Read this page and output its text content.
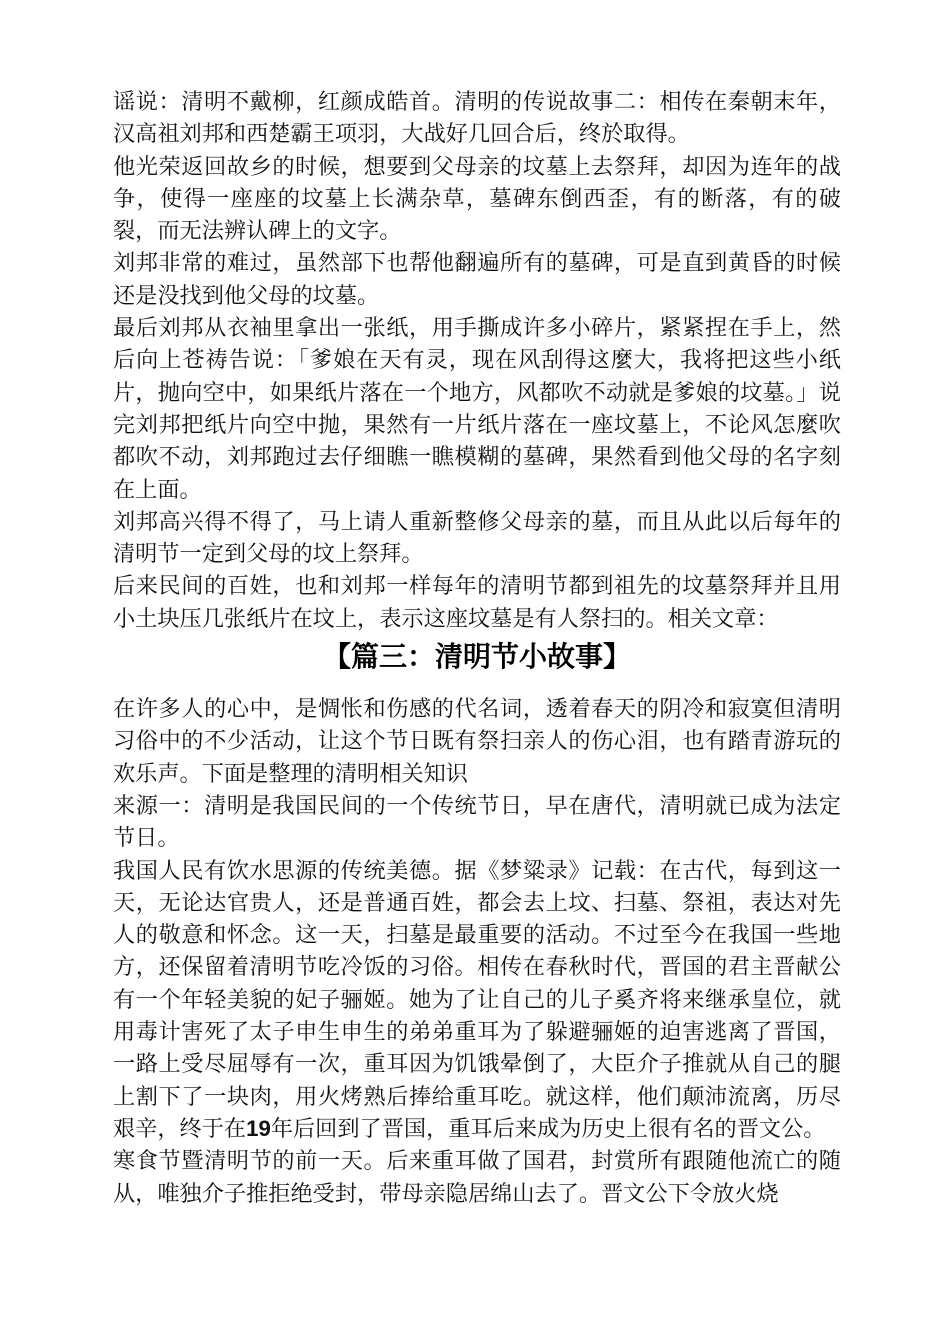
谣说：清明不戴柳，红颜成皓首。清明的传说故事二：相传在秦朝末年，汉高祖刘邦和西楚霸王项羽，大战好几回合后，终於取得。

他光荣返回故乡的时候，想要到父母亲的坟墓上去祭拜，却因为连年的战争，使得一座座的坟墓上长满杂草，墓碑东倒西歪，有的断落，有的破裂，而无法辨认碑上的文字。

刘邦非常的难过，虽然部下也帮他翻遍所有的墓碑，可是直到黄昏的时候还是没找到他父母的坟墓。

最后刘邦从衣袖里拿出一张纸，用手撕成许多小碎片，紧紧捏在手上，然后向上苍祷告说：「爹娘在天有灵，现在风刮得这麼大，我将把这些小纸片，抛向空中，如果纸片落在一个地方，风都吹不动就是爹娘的坟墓。」说完刘邦把纸片向空中抛，果然有一片纸片落在一座坟墓上，不论风怎麼吹都吹不动，刘邦跑过去仔细瞧一瞧模糊的墓碑，果然看到他父母的名字刻在上面。

刘邦高兴得不得了，马上请人重新整修父母亲的墓，而且从此以后每年的清明节一定到父母的坟上祭拜。

后来民间的百姓，也和刘邦一样每年的清明节都到祖先的坟墓祭拜并且用小土块压几张纸片在坟上，表示这座坟墓是有人祭扫的。相关文章：

【篇三：清明节小故事】

在许多人的心中，是惆怅和伤感的代名词，透着春天的阴冷和寂寞但清明习俗中的不少活动，让这个节日既有祭扫亲人的伤心泪，也有踏青游玩的欢乐声。下面是整理的清明相关知识

来源一：清明是我国民间的一个传统节日，早在唐代，清明就已成为法定节日。

我国人民有饮水思源的传统美德。据《梦粱录》记载：在古代，每到这一天，无论达官贵人，还是普通百姓，都会去上坟、扫墓、祭祖，表达对先人的敬意和怀念。这一天，扫墓是最重要的活动。不过至今在我国一些地方，还保留着清明节吃冷饭的习俗。相传在春秋时代，晋国的君主晋献公有一个年轻美貌的妃子骊姬。她为了让自己的儿子奚齐将来继承皇位，就用毒计害死了太子申生申生的弟弟重耳为了躲避骊姬的迫害逃离了晋国，一路上受尽屈辱有一次，重耳因为饥饿晕倒了，大臣介子推就从自己的腿上割下了一块肉，用火烤熟后捧给重耳吃。就这样，他们颠沛流离，历尽艰辛，终于在19年后回到了晋国，重耳后来成为历史上很有名的晋文公。

寒食节暨清明节的前一天。后来重耳做了国君，封赏所有跟随他流亡的随从，唯独介子推拒绝受封，带母亲隐居绵山去了。晋文公下令放火烧
